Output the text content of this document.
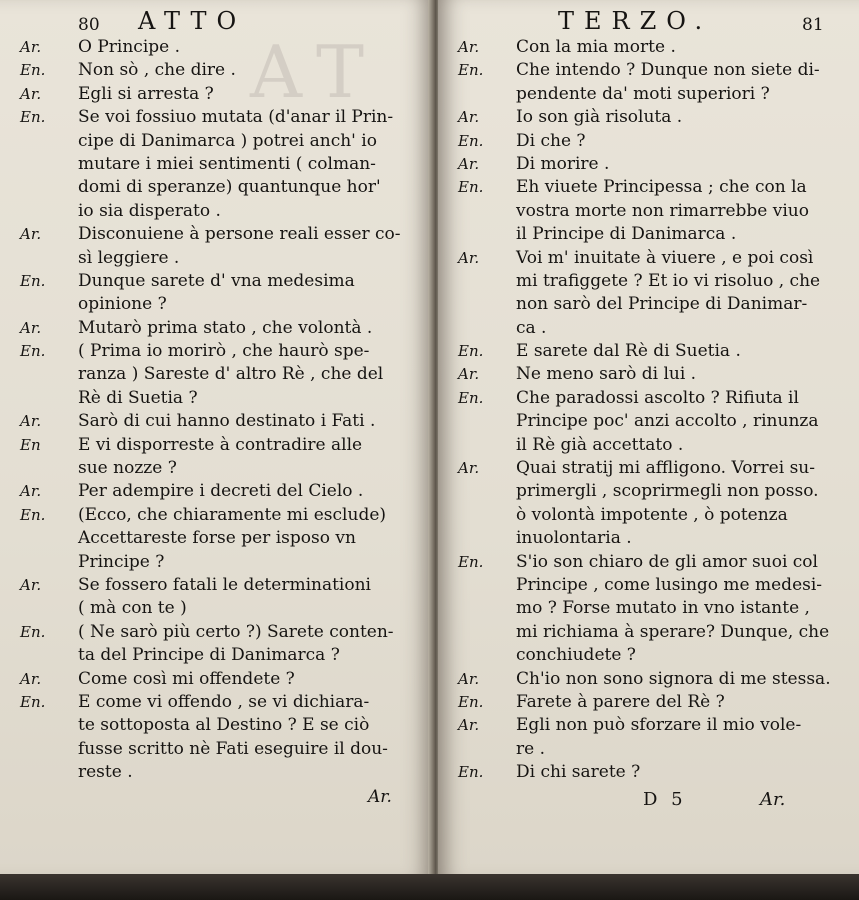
AT
80 ATTO
Ar. O Principe .
En. Non sò , che dire .
Ar. Egli si arresta ?
En. Se voi fossiuo mutata (d'anar il Prin-
cipe di Danimarca ) potrei anch' io
mutare i miei sentimenti ( colman-
domi di speranze) quantunque hor'
io sia disperato .
Ar. Disconuiene à persone reali esser co-
sì leggiere .
En. Dunque sarete d' vna medesima
opinione ?
Ar. Mutarò prima stato , che volontà .
En. ( Prima io morirò , che haurò spe-
ranza ) Sareste d' altro Rè , che del
Rè di Suetia ?
Ar. Sarò di cui hanno destinato i Fati .
En E vi disporreste à contradire alle
sue nozze ?
Ar. Per adempire i decreti del Cielo .
En. (Ecco, che chiaramente mi esclude)
Accettareste forse per isposo vn
Principe ?
Ar. Se fossero fatali le determinationi
( mà con te )
En. ( Ne sarò più certo ?) Sarete conten-
ta del Principe di Danimarca ?
Ar. Come così mi offendete ?
En. E come vi offendo , se vi dichiara-
te sottoposta al Destino ? E se ciò
fusse scritto nè Fati eseguire il dou-
reste .
Ar.
TERZO.	81
Ar. Con la mia morte .
En. Che intendo ? Dunque non siete di-
pendente da' moti superiori ?
Ar. Io son già risoluta .
En. Di che ?
Ar. Di morire .
En. Eh viuete Principessa ; che con la
vostra morte non rimarrebbe viuo
il Principe di Danimarca .
Ar. Voi m' inuitate à viuere , e poi così
mi trafiggete ? Et io vi risoluo , che
non sarò del Principe di Danimar-
ca .
En. E sarete dal Rè di Suetia .
Ar. Ne meno sarò di lui .
En. Che paradossi ascolto ? Rifiuta il
Principe poc' anzi accolto , rinunza
il Rè già accettato .
Ar. Quai stratij mi affligono. Vorrei su-
primergli , scoprirmegli non posso.
ò volontà impotente , ò potenza
inuolontaria .
En. S'io son chiaro de gli amor suoi col
Principe , come lusingo me medesi-
mo ? Forse mutato in vno istante ,
mi richiama à sperare? Dunque, che
conchiudete ?
Ar. Ch'io non sono signora di me stessa.
En. Farete à parere del Rè ?
Ar. Egli non può sforzare il mio vole-
re .
En. Di chi sarete ?
D 5	Ar.
